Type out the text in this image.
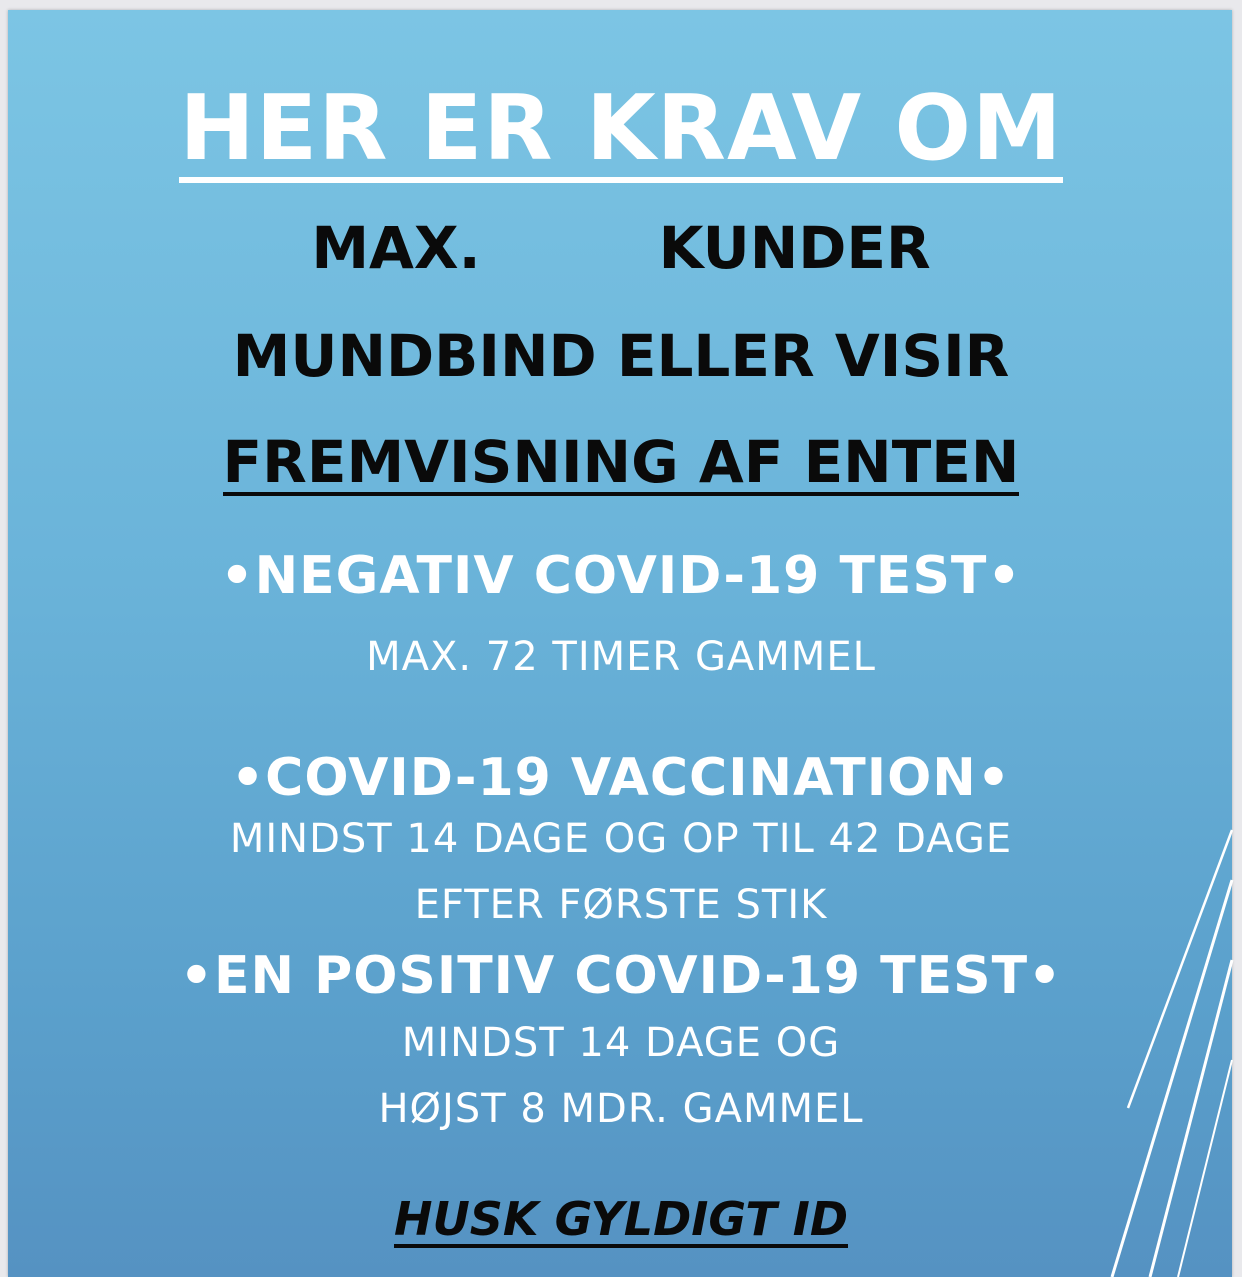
HER ER KRAV OM
MAX.	KUNDER
MUNDBIND ELLER VISIR
FREMVISNING AF ENTEN
•NEGATIV COVID-19 TEST•
MAX. 72 TIMER GAMMEL
•COVID-19 VACCINATION•
MINDST 14 DAGE OG OP TIL 42 DAGE
EFTER FØRSTE STIK
•EN POSITIV COVID-19 TEST•
MINDST 14 DAGE OG
HØJST 8 MDR. GAMMEL
HUSK GYLDIGT ID
